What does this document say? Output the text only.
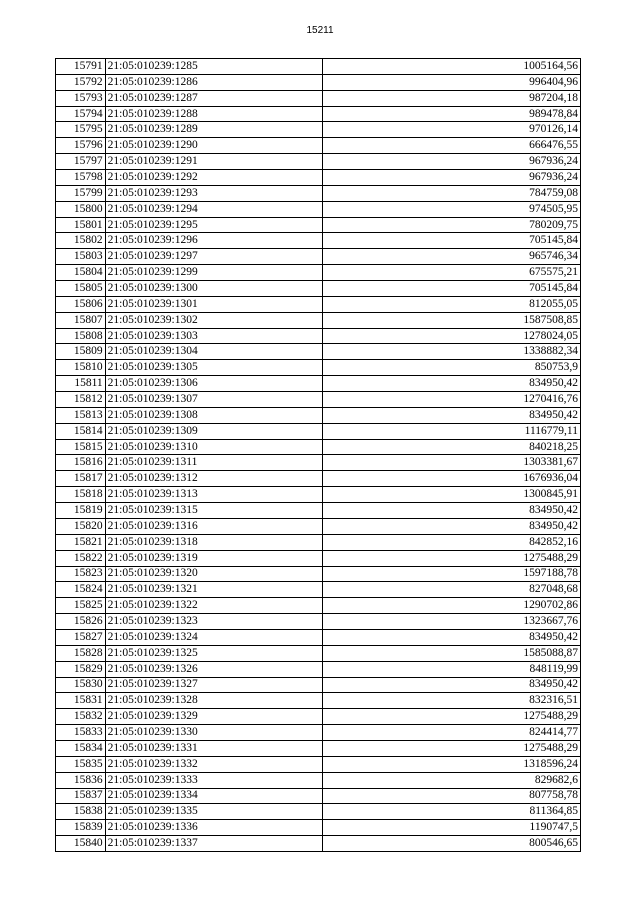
15211
15791	21:05:010239:1285	1005164,56
15792	21:05:010239:1286	996404,96
15793	21:05:010239:1287	987204,18
15794	21:05:010239:1288	989478,84
15795	21:05:010239:1289	970126,14
15796	21:05:010239:1290	666476,55
15797	21:05:010239:1291	967936,24
15798	21:05:010239:1292	967936,24
15799	21:05:010239:1293	784759,08
15800	21:05:010239:1294	974505,95
15801	21:05:010239:1295	780209,75
15802	21:05:010239:1296	705145,84
15803	21:05:010239:1297	965746,34
15804	21:05:010239:1299	675575,21
15805	21:05:010239:1300	705145,84
15806	21:05:010239:1301	812055,05
15807	21:05:010239:1302	1587508,85
15808	21:05:010239:1303	1278024,05
15809	21:05:010239:1304	1338882,34
15810	21:05:010239:1305	850753,9
15811	21:05:010239:1306	834950,42
15812	21:05:010239:1307	1270416,76
15813	21:05:010239:1308	834950,42
15814	21:05:010239:1309	1116779,11
15815	21:05:010239:1310	840218,25
15816	21:05:010239:1311	1303381,67
15817	21:05:010239:1312	1676936,04
15818	21:05:010239:1313	1300845,91
15819	21:05:010239:1315	834950,42
15820	21:05:010239:1316	834950,42
15821	21:05:010239:1318	842852,16
15822	21:05:010239:1319	1275488,29
15823	21:05:010239:1320	1597188,78
15824	21:05:010239:1321	827048,68
15825	21:05:010239:1322	1290702,86
15826	21:05:010239:1323	1323667,76
15827	21:05:010239:1324	834950,42
15828	21:05:010239:1325	1585088,87
15829	21:05:010239:1326	848119,99
15830	21:05:010239:1327	834950,42
15831	21:05:010239:1328	832316,51
15832	21:05:010239:1329	1275488,29
15833	21:05:010239:1330	824414,77
15834	21:05:010239:1331	1275488,29
15835	21:05:010239:1332	1318596,24
15836	21:05:010239:1333	829682,6
15837	21:05:010239:1334	807758,78
15838	21:05:010239:1335	811364,85
15839	21:05:010239:1336	1190747,5
15840	21:05:010239:1337	800546,65
